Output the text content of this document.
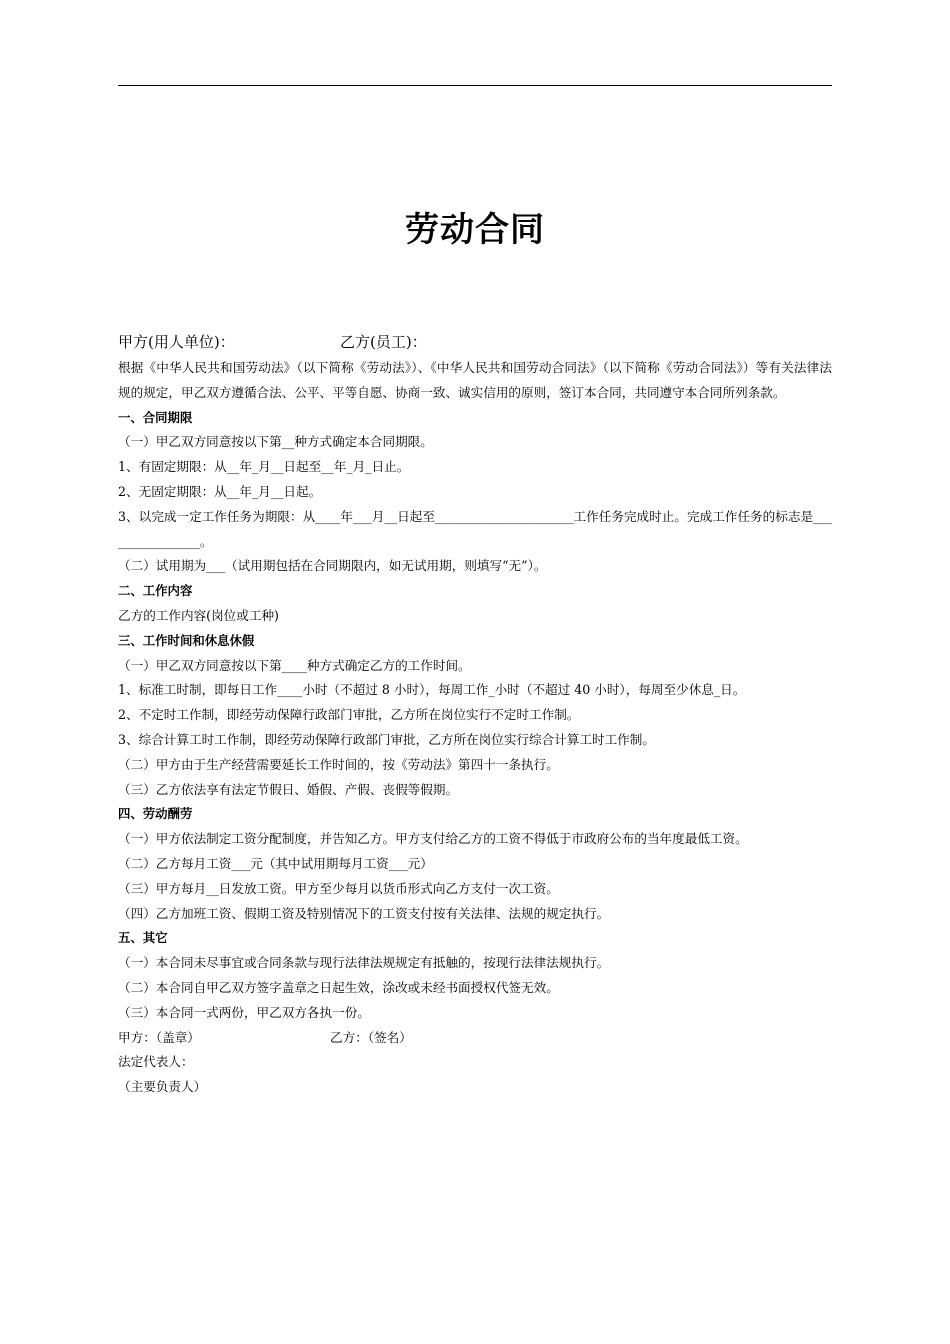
劳动合同
甲方(用人单位)：	乙方(员工)：

根据《中华人民共和国劳动法》（以下简称《劳动法》）、《中华人民共和国劳动合同法》（以下简称《劳动合同法》）等有关法律法规的规定，甲乙双方遵循合法、公平、平等自愿、协商一致、诚实信用的原则，签订本合同，共同遵守本合同所列条款。

一、合同期限

（一）甲乙双方同意按以下第__种方式确定本合同期限。

1、有固定期限：从__年_月__日起至__年_月_日止。

2、无固定期限：从__年_月__日起。

3、以完成一定工作任务为期限：从____年___月__日起至______________________工作任务完成时止。完成工作任务的标志是________________。

（二）试用期为___（试用期包括在合同期限内，如无试用期，则填写“无”）。

二、工作内容

乙方的工作内容(岗位或工种)

三、工作时间和休息休假

（一）甲乙双方同意按以下第____种方式确定乙方的工作时间。

1、标准工时制，即每日工作____小时（不超过 8 小时），每周工作_小时（不超过 40 小时），每周至少休息_日。

2、不定时工作制，即经劳动保障行政部门审批，乙方所在岗位实行不定时工作制。

3、综合计算工时工作制，即经劳动保障行政部门审批，乙方所在岗位实行综合计算工时工作制。

（二）甲方由于生产经营需要延长工作时间的，按《劳动法》第四十一条执行。

（三）乙方依法享有法定节假日、婚假、产假、丧假等假期。

四、劳动酬劳

（一）甲方依法制定工资分配制度，并告知乙方。甲方支付给乙方的工资不得低于市政府公布的当年度最低工资。

（二）乙方每月工资___元（其中试用期每月工资___元）

（三）甲方每月__日发放工资。甲方至少每月以货币形式向乙方支付一次工资。

（四）乙方加班工资、假期工资及特别情况下的工资支付按有关法律、法规的规定执行。

五、其它

（一）本合同未尽事宜或合同条款与现行法律法规规定有抵触的，按现行法律法规执行。

（二）本合同自甲乙双方签字盖章之日起生效，涂改或未经书面授权代签无效。

（三）本合同一式两份，甲乙双方各执一份。

甲方：（盖章）	乙方：（签名）

法定代表人：

（主要负责人）
